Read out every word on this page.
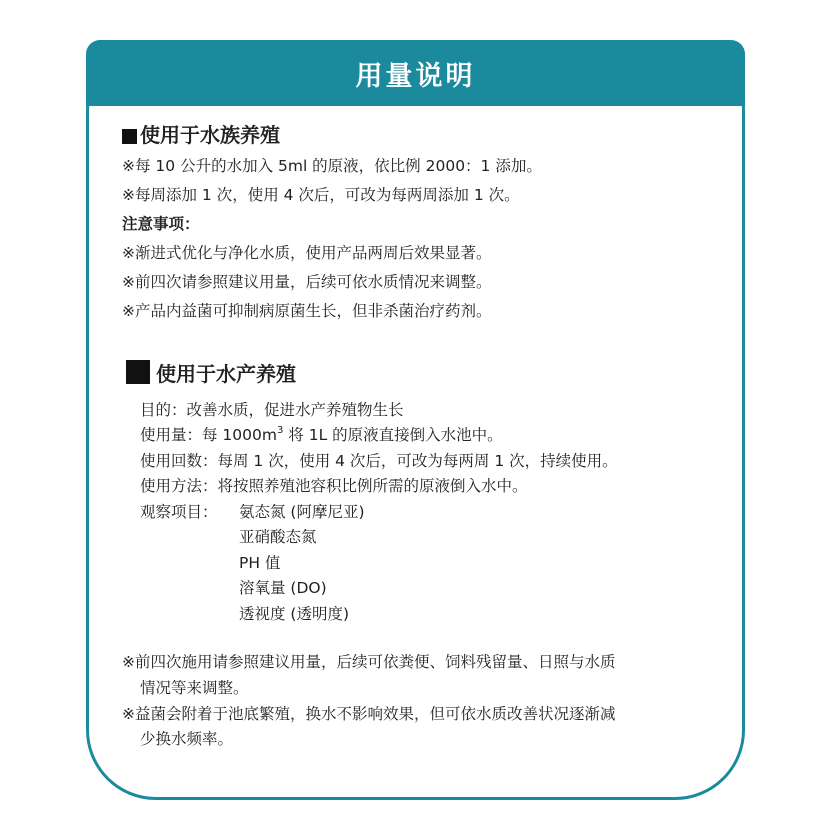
用量说明
使用于水族养殖
※每 10 公升的水加入 5ml 的原液，依比例 2000：1 添加。
※每周添加 1 次，使用 4 次后，可改为每两周添加 1 次。
注意事项：
※渐进式优化与净化水质，使用产品两周后效果显著。
※前四次请参照建议用量，后续可依水质情况来调整。
※产品内益菌可抑制病原菌生长，但非杀菌治疗药剂。
使用于水产养殖
目的：改善水质，促进水产养殖物生长
使用量：每 $1000m^3$ 将 1L 的原液直接倒入水池中。
使用回数：每周 1 次，使用 4 次后，可改为每两周 1 次，持续使用。
使用方法：将按照养殖池容积比例所需的原液倒入水中。
观察项目： 氨态氮 (阿摩尼亚)
亚硝酸态氮
PH 值
溶氧量 (DO)
透视度 (透明度)
※前四次施用请参照建议用量，后续可依粪便、饲料残留量、日照与水质
情况等来调整。
※益菌会附着于池底繁殖，换水不影响效果，但可依水质改善状况逐渐减
少换水频率。
